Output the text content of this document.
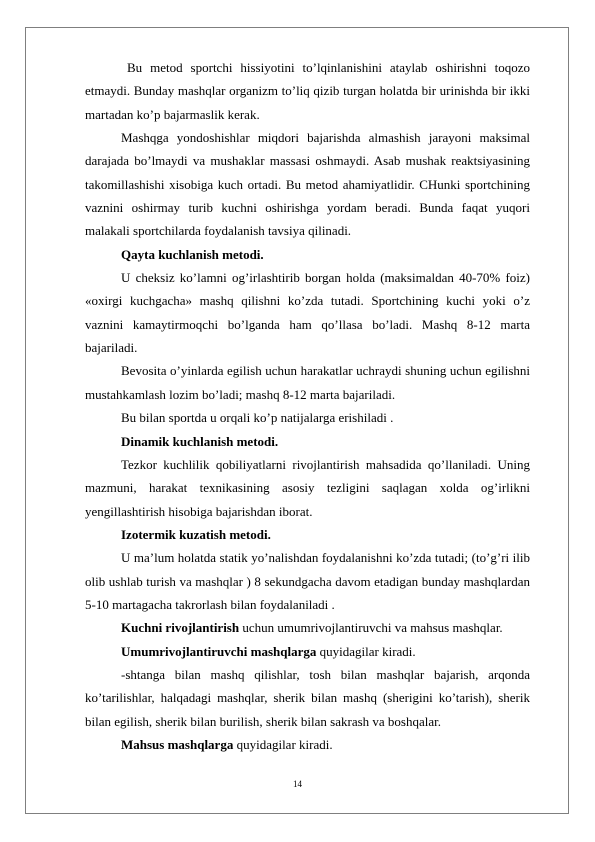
Bu metod sportchi hissiyotini to’lqinlanishini ataylab oshirishni toqozo etmaydi. Bunday mashqlar organizm to’liq qizib turgan holatda bir urinishda bir ikki martadan ko’p bajarmaslik kerak.

Mashqga yondoshishlar miqdori bajarishda almashish jarayoni maksimal darajada bo’lmaydi va mushaklar massasi oshmaydi. Asab mushak reaktsiyasining takomillashishi xisobiga kuch ortadi. Bu metod ahamiyatlidir. CHunki sportchining vaznini oshirmay turib kuchni oshirishga yordam beradi. Bunda faqat yuqori malakali sportchilarda foydalanish tavsiya qilinadi.

Qayta kuchlanish metodi.

U cheksiz ko’lamni og’irlashtirib borgan holda (maksimaldan 40-70% foiz) «oxirgi kuchgacha» mashq qilishni ko’zda tutadi. Sportchining kuchi yoki o’z vaznini kamaytirmoqchi bo’lganda ham qo’llasa bo’ladi. Mashq 8-12 marta bajariladi.

Bevosita o’yinlarda egilish uchun harakatlar uchraydi shuning uchun egilishni mustahkamlash lozim bo’ladi; mashq 8-12 marta bajariladi.

Bu bilan sportda u orqali ko’p natijalarga erishiladi .

Dinamik kuchlanish metodi.

Tezkor kuchlilik qobiliyatlarni rivojlantirish mahsadida qo’llaniladi. Uning mazmuni, harakat texnikasining asosiy tezligini saqlagan xolda og’irlikni yengillashtirish hisobiga bajarishdan iborat.

Izotermik kuzatish metodi.

U ma’lum holatda statik yo’nalishdan foydalanishni ko’zda tutadi; (to’g’ri ilib olib ushlab turish va mashqlar ) 8 sekundgacha davom etadigan bunday mashqlardan 5-10 martagacha takrorlash bilan foydalaniladi .

Kuchni rivojlantirish uchun umumrivojlantiruvchi va mahsus mashqlar.

Umumrivojlantiruvchi mashqlarga quyidagilar kiradi.

-shtanga bilan mashq qilishlar, tosh bilan mashqlar bajarish, arqonda ko’tarilishlar, halqadagi mashqlar, sherik bilan mashq (sherigini ko’tarish), sherik bilan egilish, sherik bilan burilish, sherik bilan sakrash va boshqalar.

Mahsus mashqlarga quyidagilar kiradi.

14
